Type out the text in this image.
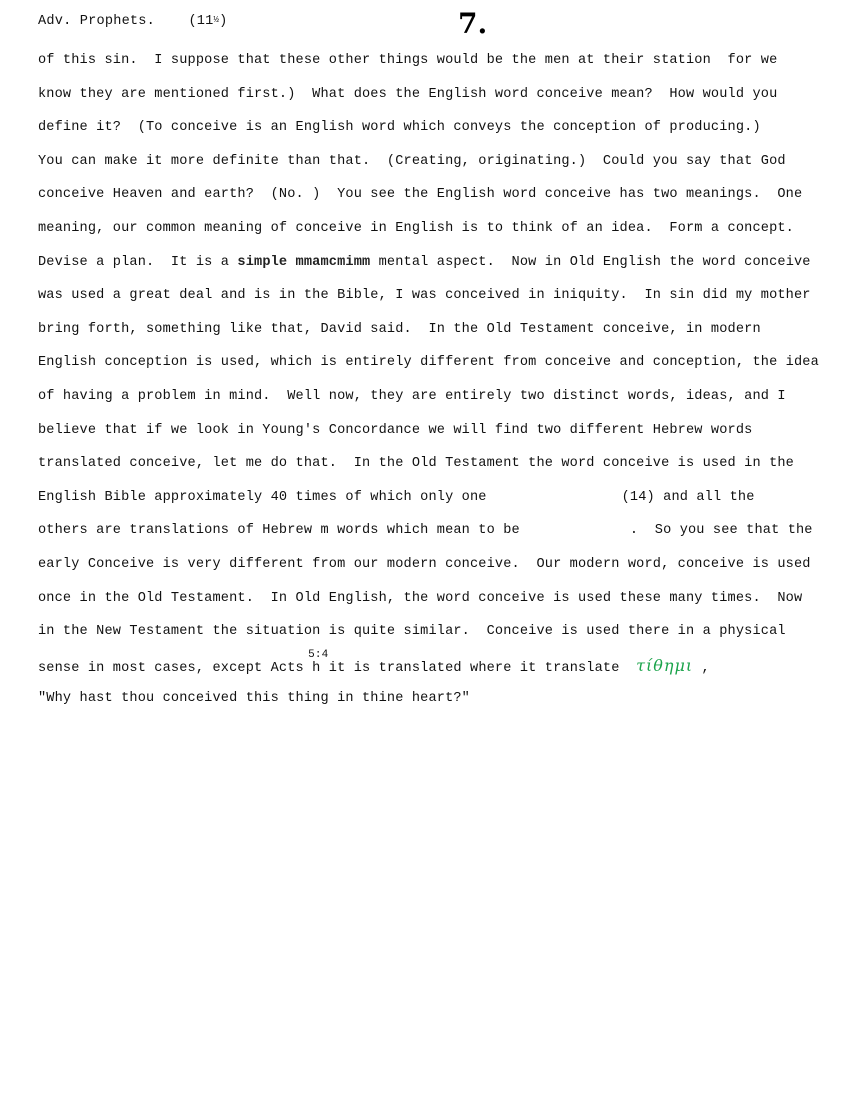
Adv. Prophets. (11½)	7.
of this sin.  I suppose that these other things would be the men at their station  for we
know they are mentioned first.)  What does the English word conceive mean?  How would you
define it?  (To conceive is an English word which conveys the conception of producing.)
You can make it more definite than that.  (Creating, originating.)  Could you say that God
conceive Heaven and earth?  (No. )  You see the English word conceive has two meanings.  One
meaning, our common meaning of conceive in English is to think of an idea.  Form a concept.
Devise a plan.  It is a simple mmamcmimm mental aspect.  Now in Old English the word conceive
was used a great deal and is in the Bible, I was conceived in iniquity.  In sin did my mother
bring forth, something like that, David said.  In the Old Testament conceive, in modern
English conception is used, which is entirely different from conceive and conception, the idea
of having a problem in mind.  Well now, they are entirely two distinct words, ideas, and I
believe that if we look in Young's Concordance we will find two different Hebrew words
translated conceive, let me do that.  In the Old Testament the word conceive is used in the
English Bible approximately 40 times of which only one	(14) and all the
others are translations of Hebrew m words which mean to be	.  So you see that the
early Conceive is very different from our modern conceive.  Our modern word, conceive is used
once in the Old Testament.  In Old English, the word conceive is used these many times.  Now
in the New Testament the situation is quite similar.  Conceive is used there in a physical
sense in most cases, except Acts
5:4
h it is translated where it translate  τίθημι ,
"Why hast thou conceived this thing in thine heart?"
